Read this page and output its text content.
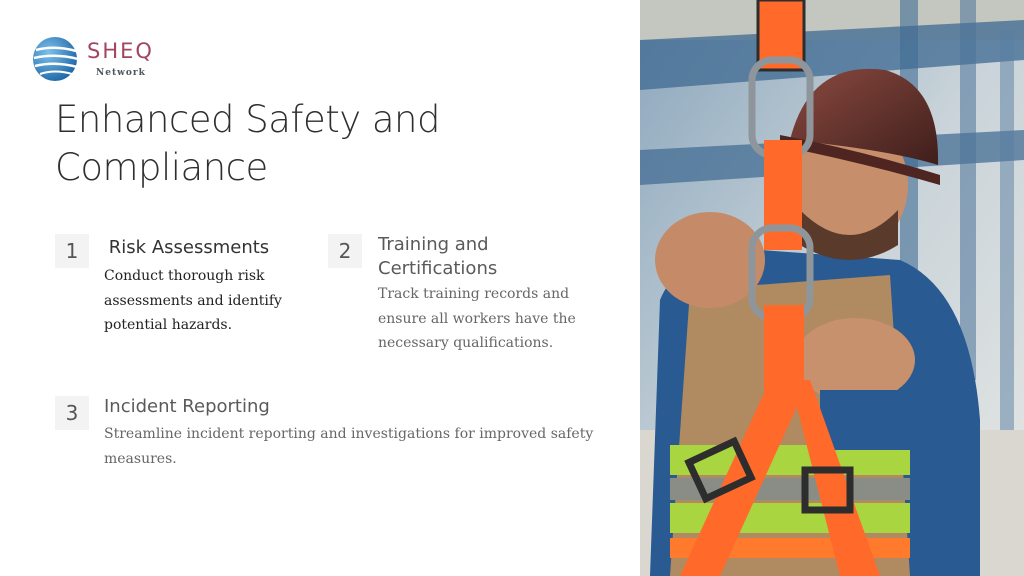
SHEQ
Network
Enhanced Safety and Compliance
1	Risk Assessments

Conduct thorough risk assessments and identify potential hazards.

2	Training and Certifications

Track training records and ensure all workers have the necessary qualifications.

3	Incident Reporting

Streamline incident reporting and investigations for improved safety measures.
